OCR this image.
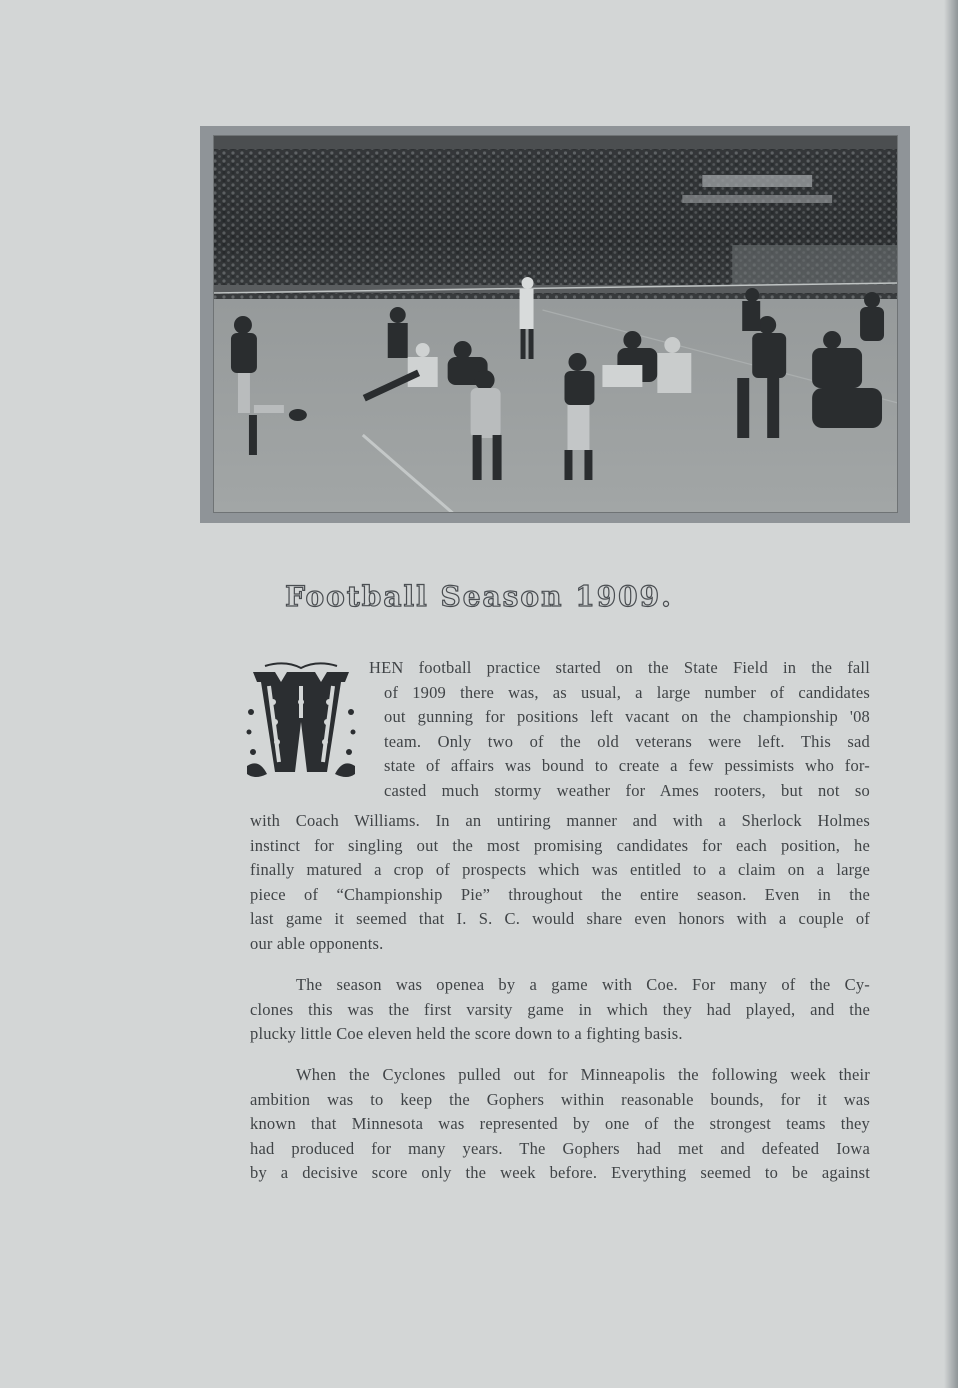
Football Season 1909.
HEN football practice started on the State Field in the fall
of 1909 there was, as usual, a large number of candidates
out gunning for positions left vacant on the championship '08
team. Only two of the old veterans were left. This sad
state of affairs was bound to create a few pessimists who for-
casted much stormy weather for Ames rooters, but not so
with Coach Williams. In an untiring manner and with a Sherlock Holmes
instinct for singling out the most promising candidates for each position, he
finally matured a crop of prospects which was entitled to a claim on a large
piece of “Championship Pie” throughout the entire season. Even in the
last game it seemed that I. S. C. would share even honors with a couple of
our able opponents.
The season was openea by a game with Coe. For many of the Cy-
clones this was the first varsity game in which they had played, and the
plucky little Coe eleven held the score down to a fighting basis.
When the Cyclones pulled out for Minneapolis the following week their
ambition was to keep the Gophers within reasonable bounds, for it was
known that Minnesota was represented by one of the strongest teams they
had produced for many years. The Gophers had met and defeated Iowa
by a decisive score only the week before. Everything seemed to be against
